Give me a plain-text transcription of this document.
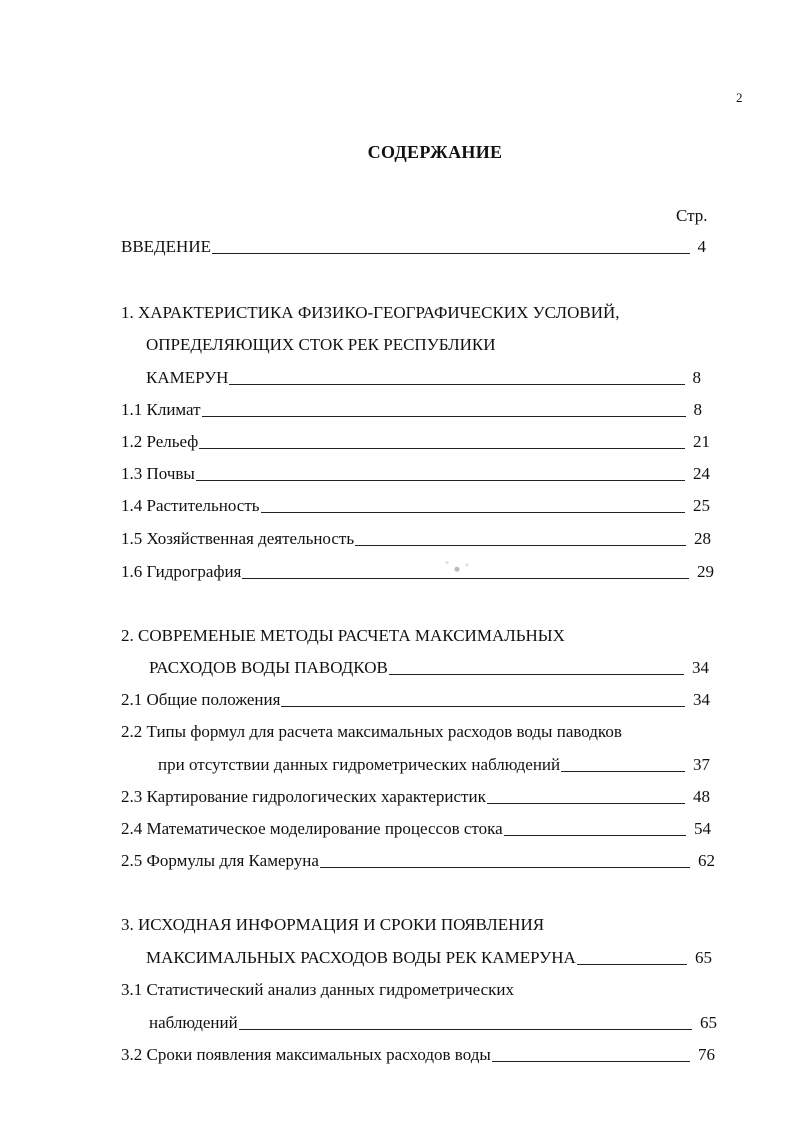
2
СОДЕРЖАНИЕ
Стр.
ВВЕДЕНИЕ	4
1. ХАРАКТЕРИСТИКА ФИЗИКО-ГЕОГРАФИЧЕСКИХ УСЛОВИЙ,
ОПРЕДЕЛЯЮЩИХ СТОК РЕК РЕСПУБЛИКИ
КАМЕРУН	8
1.1 Климат	8
1.2 Рельеф	21
1.3 Почвы	24
1.4 Растительность	25
1.5 Хозяйственная деятельность	28
1.6 Гидрография	29
2. СОВРЕМЕНЫЕ МЕТОДЫ РАСЧЕТА МАКСИМАЛЬНЫХ
РАСХОДОВ ВОДЫ ПАВОДКОВ	34
2.1 Общие положения	34
2.2 Типы формул для расчета максимальных расходов воды паводков
при отсутствии данных гидрометрических наблюдений	37
2.3 Картирование гидрологических характеристик	48
2.4 Математическое моделирование процессов стока	54
2.5 Формулы для Камеруна	62
3. ИСХОДНАЯ ИНФОРМАЦИЯ И СРОКИ ПОЯВЛЕНИЯ
МАКСИМАЛЬНЫХ РАСХОДОВ ВОДЫ РЕК КАМЕРУНА	65
3.1 Статистический анализ данных гидрометрических
наблюдений	65
3.2 Сроки появления максимальных расходов воды	76
